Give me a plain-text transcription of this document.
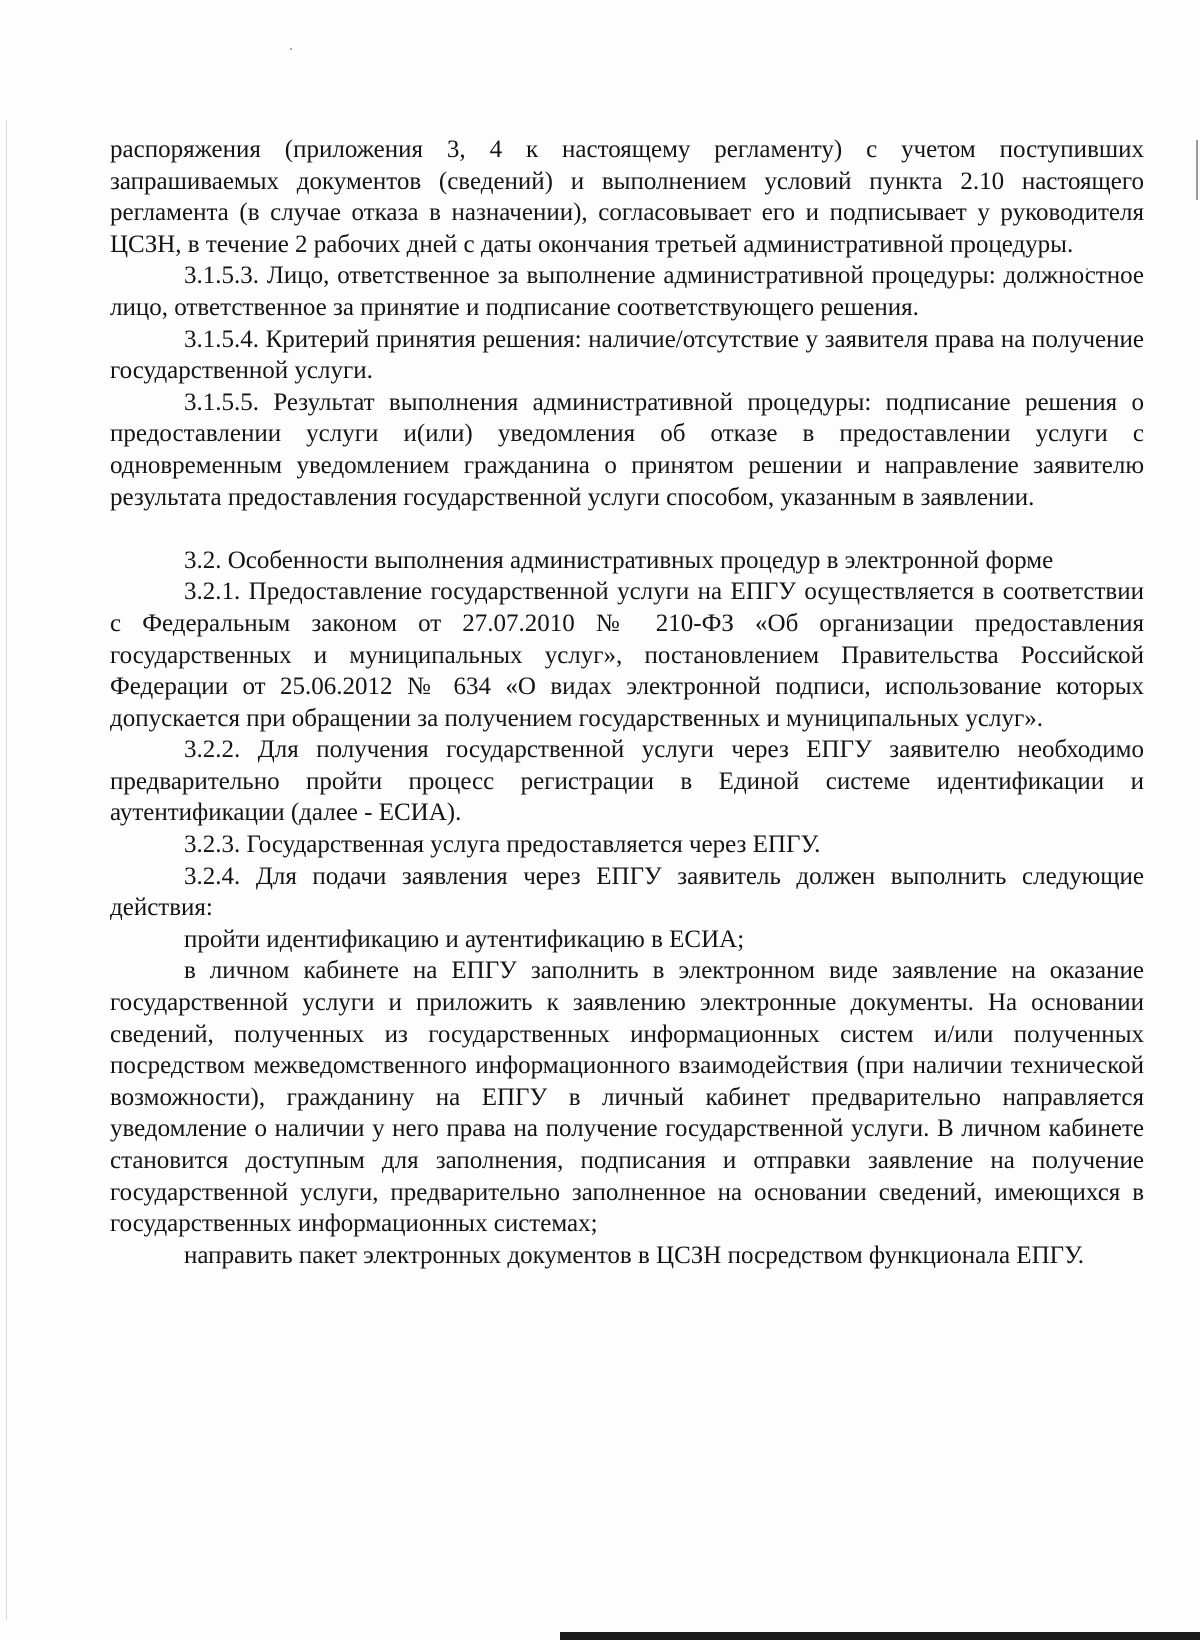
распоряжения (приложения 3, 4 к настоящему регламенту) с учетом поступивших запрашиваемых документов (сведений) и выполнением условий пункта 2.10 настоящего регламента (в случае отказа в назначении), согласовывает его и подписывает у руководителя ЦСЗН, в течение 2 рабочих дней с даты окончания третьей административной процедуры.

3.1.5.3. Лицо, ответственное за выполнение административной процедуры: должностное лицо, ответственное за принятие и подписание соответствующего решения.

3.1.5.4. Критерий принятия решения: наличие/отсутствие у заявителя права на получение государственной услуги.

3.1.5.5. Результат выполнения административной процедуры: подписание решения о предоставлении услуги и(или) уведомления об отказе в предоставлении услуги с одновременным уведомлением гражданина о принятом решении и направление заявителю результата предоставления государственной услуги способом, указанным в заявлении.

3.2. Особенности выполнения административных процедур в электронной форме

3.2.1. Предоставление государственной услуги на ЕПГУ осуществляется в соответствии с Федеральным законом от 27.07.2010 № 210-ФЗ «Об организации предоставления государственных и муниципальных услуг», постановлением Правительства Российской Федерации от 25.06.2012 № 634 «О видах электронной подписи, использование которых допускается при обращении за получением государственных и муниципальных услуг».

3.2.2. Для получения государственной услуги через ЕПГУ заявителю необходимо предварительно пройти процесс регистрации в Единой системе идентификации и аутентификации (далее - ЕСИА).

3.2.3. Государственная услуга предоставляется через ЕПГУ.

3.2.4. Для подачи заявления через ЕПГУ заявитель должен выполнить следующие действия:

пройти идентификацию и аутентификацию в ЕСИА;

в личном кабинете на ЕПГУ заполнить в электронном виде заявление на оказание государственной услуги и приложить к заявлению электронные документы. На основании сведений, полученных из государственных информационных систем и/или полученных посредством межведомственного информационного взаимодействия (при наличии технической возможности), гражданину на ЕПГУ в личный кабинет предварительно направляется уведомление о наличии у него права на получение государственной услуги. В личном кабинете становится доступным для заполнения, подписания и отправки заявление на получение государственной услуги, предварительно заполненное на основании сведений, имеющихся в государственных информационных системах;

направить пакет электронных документов в ЦСЗН посредством функционала ЕПГУ.
